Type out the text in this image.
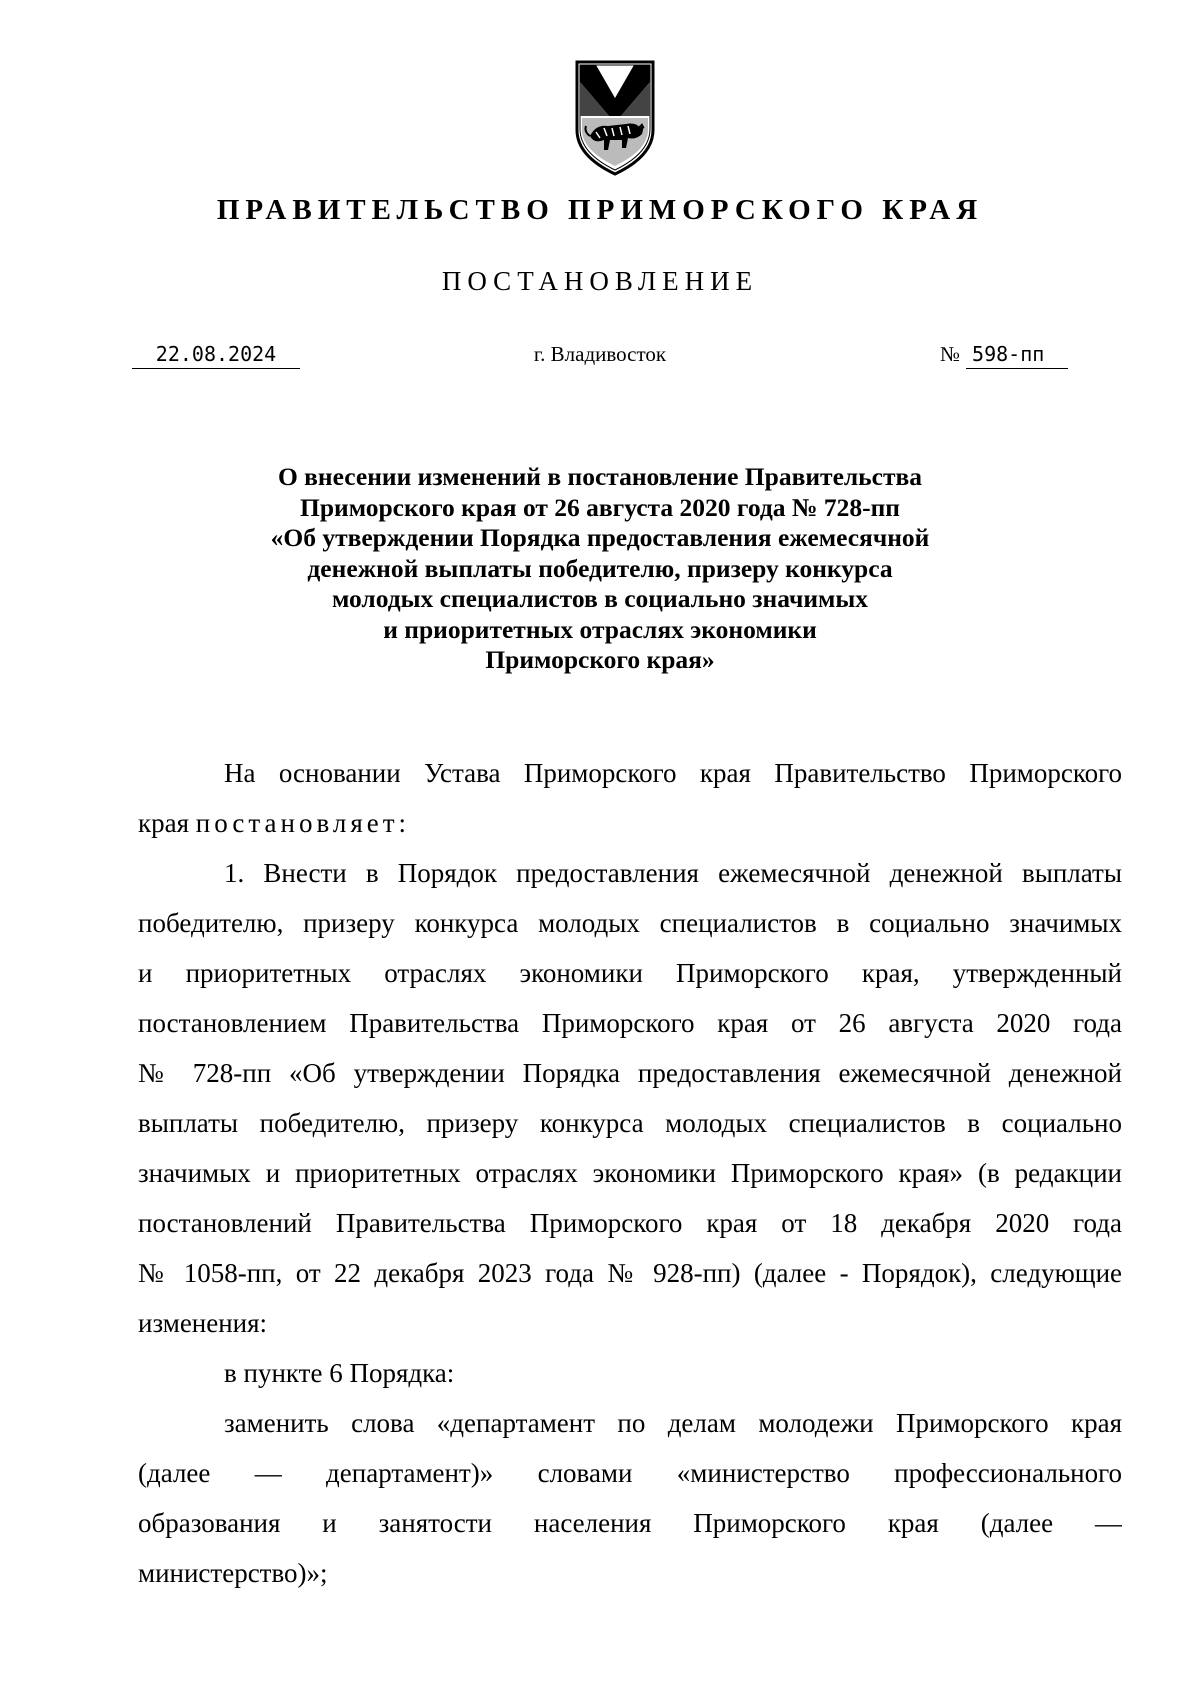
ПРАВИТЕЛЬСТВО ПРИМОРСКОГО КРАЯ
ПОСТАНОВЛЕНИЕ
22.08.2024	г. Владивосток	№ 598-пп
О внесении изменений в постановление Правительства
Приморского края от 26 августа 2020 года № 728-пп
«Об утверждении Порядка предоставления ежемесячной
денежной выплаты победителю, призеру конкурса
молодых специалистов в социально значимых
и приоритетных отраслях экономики
Приморского края»

На основании Устава Приморского края Правительство Приморского
края постановляет:

1. Внести в Порядок предоставления ежемесячной денежной выплаты
победителю, призеру конкурса молодых специалистов в социально значимых
и приоритетных отраслях экономики Приморского края, утвержденный
постановлением Правительства Приморского края от 26 августа 2020 года
№ 728-пп «Об утверждении Порядка предоставления ежемесячной денежной
выплаты победителю, призеру конкурса молодых специалистов в социально
значимых и приоритетных отраслях экономики Приморского края» (в редакции
постановлений Правительства Приморского края от 18 декабря 2020 года
№ 1058-пп, от 22 декабря 2023 года № 928-пп) (далее - Порядок), следующие
изменения:

в пункте 6 Порядка:

заменить слова «департамент по делам молодежи Приморского края
(далее — департамент)» словами «министерство профессионального
образования и занятости населения Приморского края (далее —
министерство)»;
